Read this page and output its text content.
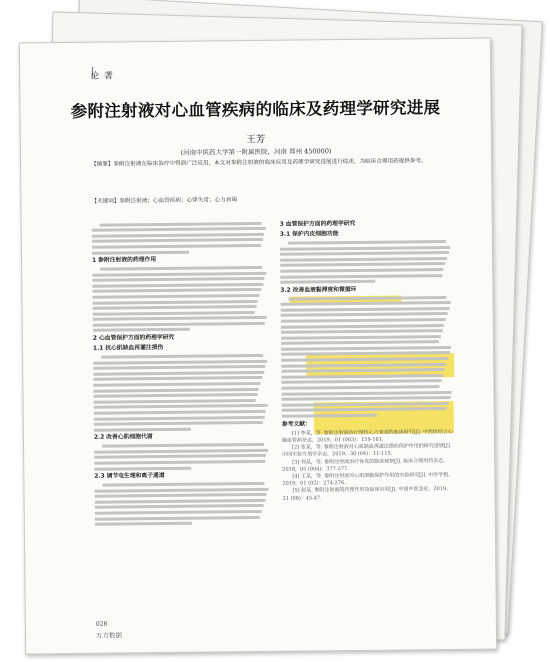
论 著
参附注射液对心血管疾病的临床及药理学研究进展
王芳
(河南中医药大学第一附属医院，河南 郑州 450000)
【摘要】参附注射液在临床治疗中得到广泛应用，本文对参附注射液的临床应用及药理学研究进展进行综述，为临床合理用药提供参考。
【关键词】参附注射液；心血管疾病；心律失常；心力衰竭
1 参附注射液的药理作用
2 心血管保护方面的药理学研究
1.1 抗心肌缺血再灌注损伤
2.2 改善心肌细胞代谢
2.3 调节电生理和离子通道
3 血管保护方面的药理学研究
3.1 保护内皮细胞功能
3.2 改善血液黏滞度和微循环
参考文献：

[1] 李某，等. 参附注射液治疗慢性心力衰竭的临床研究[J]. 中西医结合心脑血管病杂志，2019，01 (003)：159-161.

[2] 张某，等. 参附注射液对心肌缺血再灌注损伤保护作用的研究进展[J]. 中国实验方剂学杂志，2019，30 (04)：11-115.

[3] 刘某，等. 参附注射液治疗休克的临床观察[J]. 临床合理用药杂志，2018，05 (004)：377-377.

[4] 王某，等. 参附注射液对心肌细胞保护作用的实验研究[J]. 中医学报，2019，01 (02)：274-276.

[5] 赵某. 参附注射液的药理作用及临床应用[J]. 中国中医急症，2019，21 (06)：45-47.

028
万方数据
